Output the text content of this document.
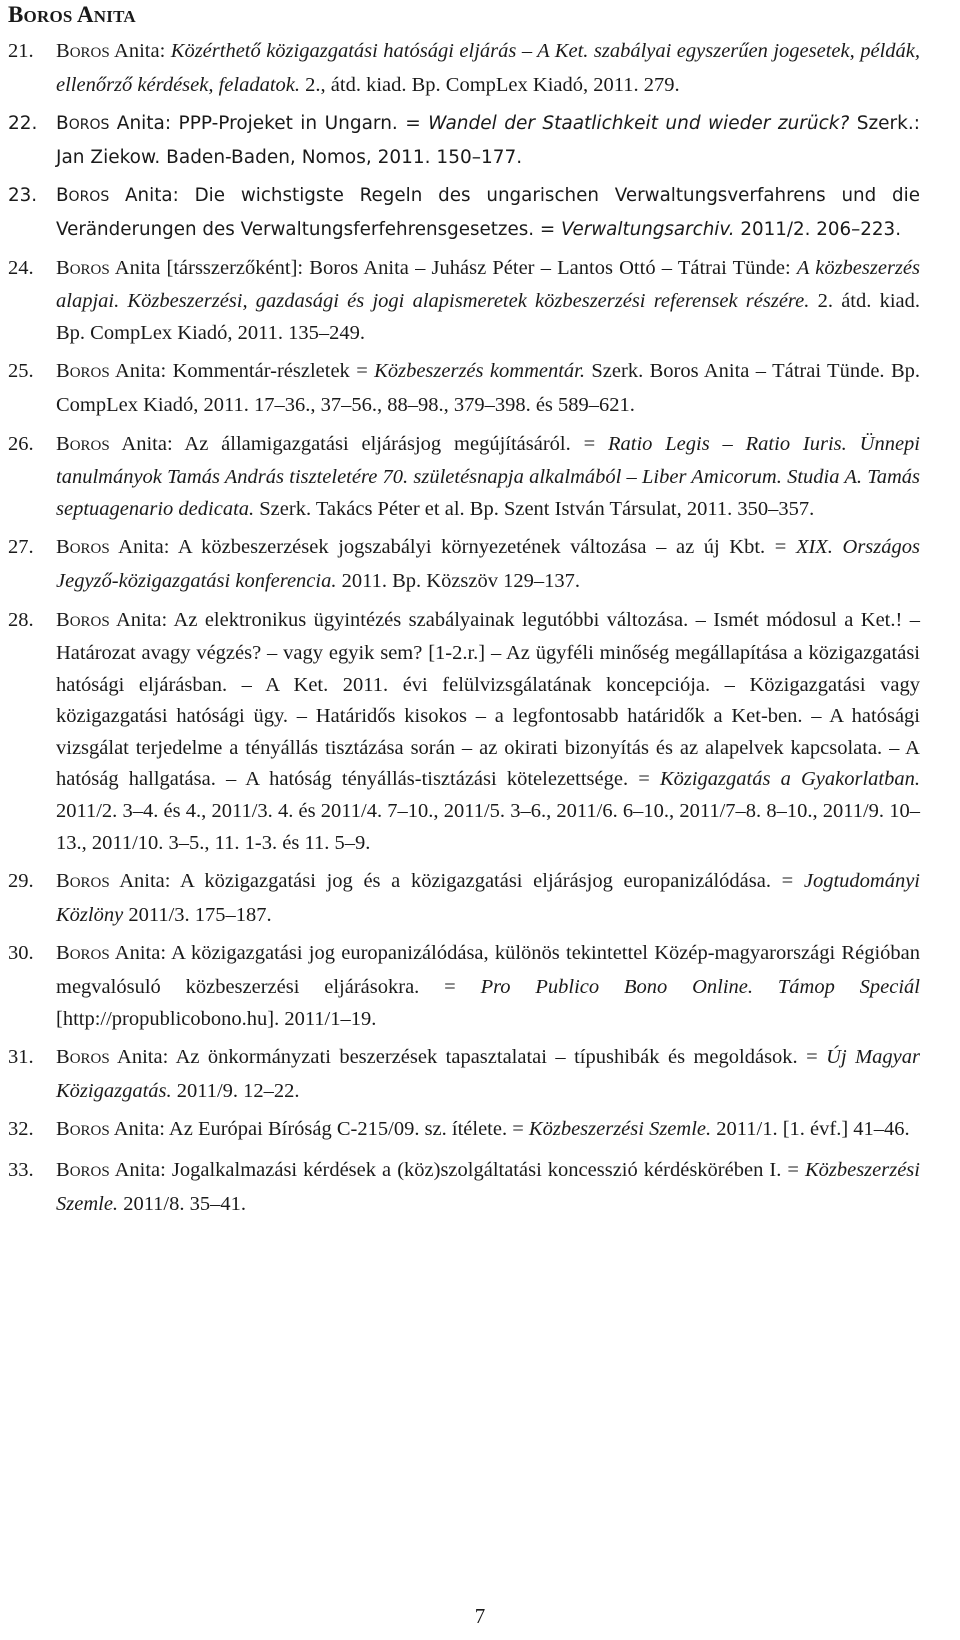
BOROS ANITA
21. BOROS Anita: Közérthető közigazgatási hatósági eljárás – A Ket. szabályai egyszerűen jogesetek, példák, ellenőrző kérdések, feladatok. 2., átd. kiad. Bp. CompLex Kiadó, 2011. 279.
22. BOROS Anita: PPP-Projeket in Ungarn. = Wandel der Staatlichkeit und wieder zurück? Szerk.: Jan Ziekow. Baden-Baden, Nomos, 2011. 150–177.
23. BOROS Anita: Die wichstigste Regeln des ungarischen Verwaltungsverfahrens und die Veränderungen des Verwaltungsferfehrensgesetzes. = Verwaltungsarchiv. 2011/2. 206–223.
24. BOROS Anita [társszerzőként]: Boros Anita – Juhász Péter – Lantos Ottó – Tátrai Tünde: A közbeszerzés alapjai. Közbeszerzési, gazdasági és jogi alapismeretek közbeszerzési referensek részére. 2. átd. kiad. Bp. CompLex Kiadó, 2011. 135–249.
25. BOROS Anita: Kommentár-részletek = Közbeszerzés kommentár. Szerk. Boros Anita – Tátrai Tünde. Bp. CompLex Kiadó, 2011. 17–36., 37–56., 88–98., 379–398. és 589–621.
26. BOROS Anita: Az államigazgatási eljárásjog megújításáról. = Ratio Legis – Ratio Iuris. Ünnepi tanulmányok Tamás András tiszteletére 70. születésnapja alkalmából – Liber Amicorum. Studia A. Tamás septuagenario dedicata. Szerk. Takács Péter et al. Bp. Szent István Társulat, 2011. 350–357.
27. BOROS Anita: A közbeszerzések jogszabályi környezetének változása – az új Kbt. = XIX. Országos Jegyző-közigazgatási konferencia. 2011. Bp. Közszöv 129–137.
28. BOROS Anita: Az elektronikus ügyintézés szabályainak legutóbbi változása. – Ismét módosul a Ket.! – Határozat avagy végzés? – vagy egyik sem? [1-2.r.] – Az ügyféli minőség megállapítása a közigazgatási hatósági eljárásban. – A Ket. 2011. évi felülvizsgálatának koncepciója. – Közigazgatási vagy közigazgatási hatósági ügy. – Határidős kisokos – a legfontosabb határidők a Ket-ben. – A hatósági vizsgálat terjedelme a tényállás tisztázása során – az okirati bizonyítás és az alapelvek kapcsolata. – A hatóság hallgatása. – A hatóság tényállás-tisztázási kötelezettsége. = Közigazgatás a Gyakorlatban. 2011/2. 3–4. és 4., 2011/3. 4. és 2011/4. 7–10., 2011/5. 3–6., 2011/6. 6–10., 2011/7–8. 8–10., 2011/9. 10–13., 2011/10. 3–5., 11. 1-3. és 11. 5–9.
29. BOROS Anita: A közigazgatási jog és a közigazgatási eljárásjog europanizálódása. = Jogtudományi Közlöny 2011/3. 175–187.
30. BOROS Anita: A közigazgatási jog europanizálódása, különös tekintettel Közép-magyarországi Régióban megvalósuló közbeszerzési eljárásokra. = Pro Publico Bono Online. Támop Speciál [http://propublicobono.hu]. 2011/1–19.
31. BOROS Anita: Az önkormányzati beszerzések tapasztalatai – típushibák és megoldások. = Új Magyar Közigazgatás. 2011/9. 12–22.
32. BOROS Anita: Az Európai Bíróság C-215/09. sz. ítélete. = Közbeszerzési Szemle. 2011/1. [1. évf.] 41–46.
33. BOROS Anita: Jogalkalmazási kérdések a (köz)szolgáltatási koncesszió kérdéskörében I. = Közbeszerzési Szemle. 2011/8. 35–41.
7
